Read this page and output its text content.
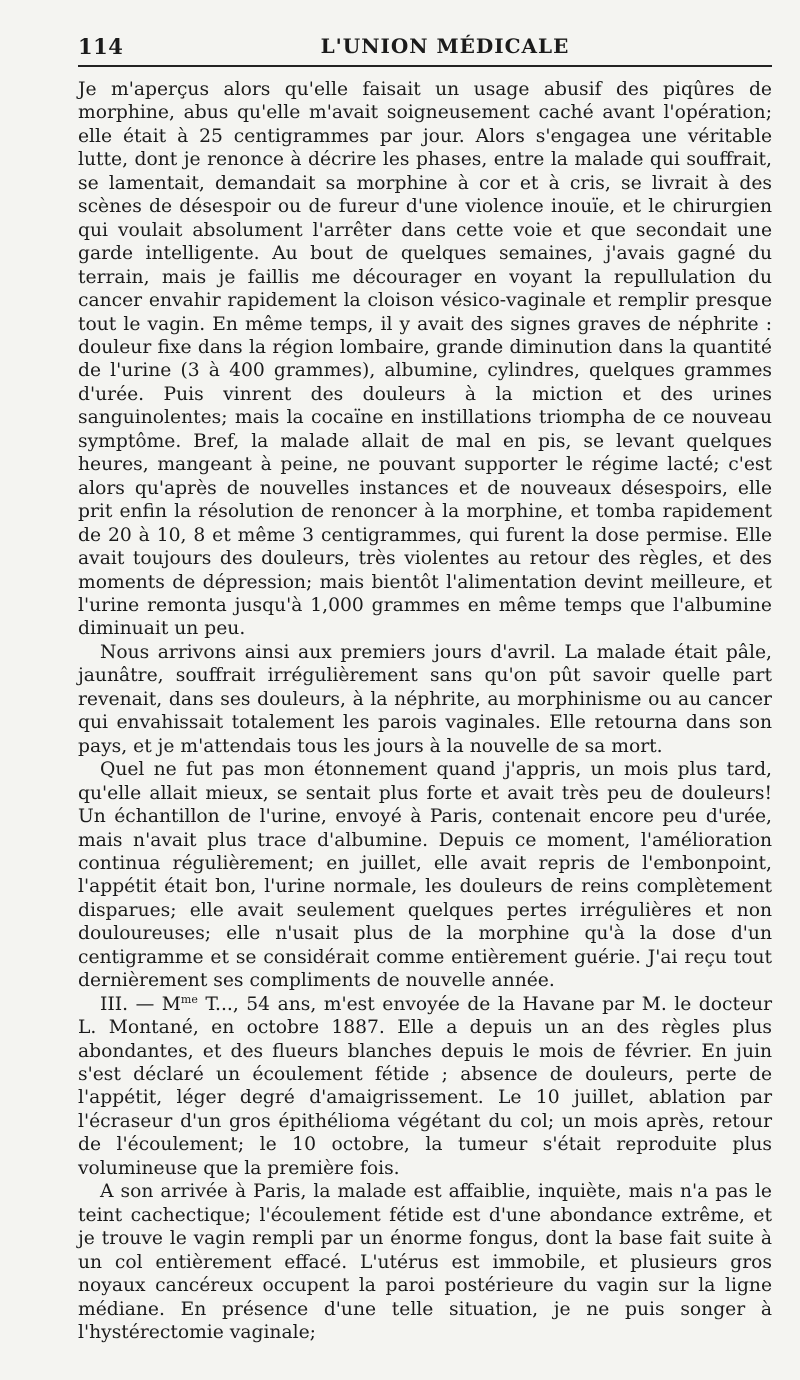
114	L'UNION MÉDICALE

Je m'aperçus alors qu'elle faisait un usage abusif des piqûres de morphine, abus qu'elle m'avait soigneusement caché avant l'opération; elle était à 25 centigrammes par jour. Alors s'engagea une véritable lutte, dont je renonce à décrire les phases, entre la malade qui souffrait, se lamentait, demandait sa morphine à cor et à cris, se livrait à des scènes de désespoir ou de fureur d'une violence inouïe, et le chirurgien qui voulait absolument l'arrêter dans cette voie et que secondait une garde intelligente. Au bout de quelques semaines, j'avais gagné du terrain, mais je faillis me décourager en voyant la repullulation du cancer envahir rapidement la cloison vésico-vaginale et remplir presque tout le vagin. En même temps, il y avait des signes graves de néphrite : douleur fixe dans la région lombaire, grande diminution dans la quantité de l'urine (3 à 400 grammes), albumine, cylindres, quelques grammes d'urée. Puis vinrent des douleurs à la miction et des urines sanguinolentes; mais la cocaïne en instillations triompha de ce nouveau symptôme. Bref, la malade allait de mal en pis, se levant quelques heures, mangeant à peine, ne pouvant supporter le régime lacté; c'est alors qu'après de nouvelles instances et de nouveaux désespoirs, elle prit enfin la résolution de renoncer à la morphine, et tomba rapidement de 20 à 10, 8 et même 3 centigrammes, qui furent la dose permise. Elle avait toujours des douleurs, très violentes au retour des règles, et des moments de dépression; mais bientôt l'alimentation devint meilleure, et l'urine remonta jusqu'à 1,000 grammes en même temps que l'albumine diminuait un peu.

Nous arrivons ainsi aux premiers jours d'avril. La malade était pâle, jaunâtre, souffrait irrégulièrement sans qu'on pût savoir quelle part revenait, dans ses douleurs, à la néphrite, au morphinisme ou au cancer qui envahissait totalement les parois vaginales. Elle retourna dans son pays, et je m'attendais tous les jours à la nouvelle de sa mort.

Quel ne fut pas mon étonnement quand j'appris, un mois plus tard, qu'elle allait mieux, se sentait plus forte et avait très peu de douleurs! Un échantillon de l'urine, envoyé à Paris, contenait encore peu d'urée, mais n'avait plus trace d'albumine. Depuis ce moment, l'amélioration continua régulièrement; en juillet, elle avait repris de l'embonpoint, l'appétit était bon, l'urine normale, les douleurs de reins complètement disparues; elle avait seulement quelques pertes irrégulières et non douloureuses; elle n'usait plus de la morphine qu'à la dose d'un centigramme et se considérait comme entièrement guérie. J'ai reçu tout dernièrement ses compliments de nouvelle année.

III. — $M^{me}$ T..., 54 ans, m'est envoyée de la Havane par M. le docteur L. Montané, en octobre 1887. Elle a depuis un an des règles plus abondantes, et des flueurs blanches depuis le mois de février. En juin s'est déclaré un écoulement fétide ; absence de douleurs, perte de l'appétit, léger degré d'amaigrissement. Le 10 juillet, ablation par l'écraseur d'un gros épithélioma végétant du col; un mois après, retour de l'écoulement; le 10 octobre, la tumeur s'était reproduite plus volumineuse que la première fois.

A son arrivée à Paris, la malade est affaiblie, inquiète, mais n'a pas le teint cachectique; l'écoulement fétide est d'une abondance extrême, et je trouve le vagin rempli par un énorme fongus, dont la base fait suite à un col entièrement effacé. L'utérus est immobile, et plusieurs gros noyaux cancéreux occupent la paroi postérieure du vagin sur la ligne médiane. En présence d'une telle situation, je ne puis songer à l'hystérectomie vaginale;
